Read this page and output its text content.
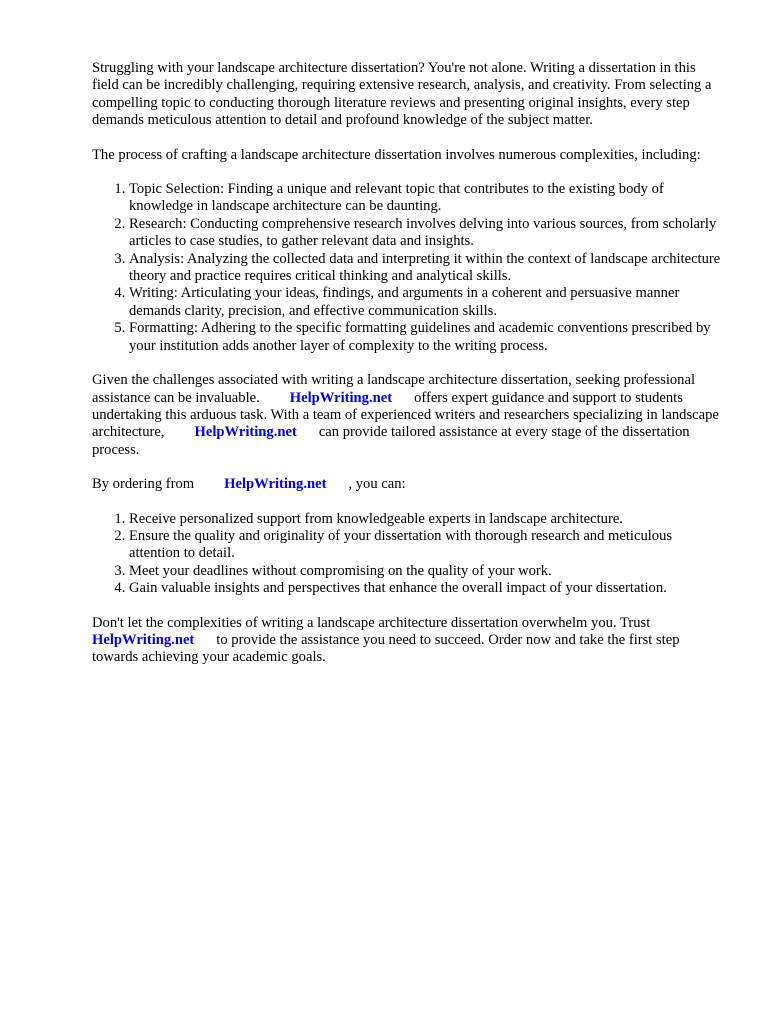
Struggling with your landscape architecture dissertation? You're not alone. Writing a dissertation in this field can be incredibly challenging, requiring extensive research, analysis, and creativity. From selecting a compelling topic to conducting thorough literature reviews and presenting original insights, every step demands meticulous attention to detail and profound knowledge of the subject matter.

The process of crafting a landscape architecture dissertation involves numerous complexities, including:

1. Topic Selection: Finding a unique and relevant topic that contributes to the existing body of knowledge in landscape architecture can be daunting.
2. Research: Conducting comprehensive research involves delving into various sources, from scholarly articles to case studies, to gather relevant data and insights.
3. Analysis: Analyzing the collected data and interpreting it within the context of landscape architecture theory and practice requires critical thinking and analytical skills.
4. Writing: Articulating your ideas, findings, and arguments in a coherent and persuasive manner demands clarity, precision, and effective communication skills.
5. Formatting: Adhering to the specific formatting guidelines and academic conventions prescribed by your institution adds another layer of complexity to the writing process.

Given the challenges associated with writing a landscape architecture dissertation, seeking professional assistance can be invaluable. HelpWriting.net offers expert guidance and support to students undertaking this arduous task. With a team of experienced writers and researchers specializing in landscape architecture, HelpWriting.net can provide tailored assistance at every stage of the dissertation process.

By ordering from HelpWriting.net , you can:

1. Receive personalized support from knowledgeable experts in landscape architecture.
2. Ensure the quality and originality of your dissertation with thorough research and meticulous attention to detail.
3. Meet your deadlines without compromising on the quality of your work.
4. Gain valuable insights and perspectives that enhance the overall impact of your dissertation.

Don't let the complexities of writing a landscape architecture dissertation overwhelm you. Trust HelpWriting.net to provide the assistance you need to succeed. Order now and take the first step towards achieving your academic goals.
